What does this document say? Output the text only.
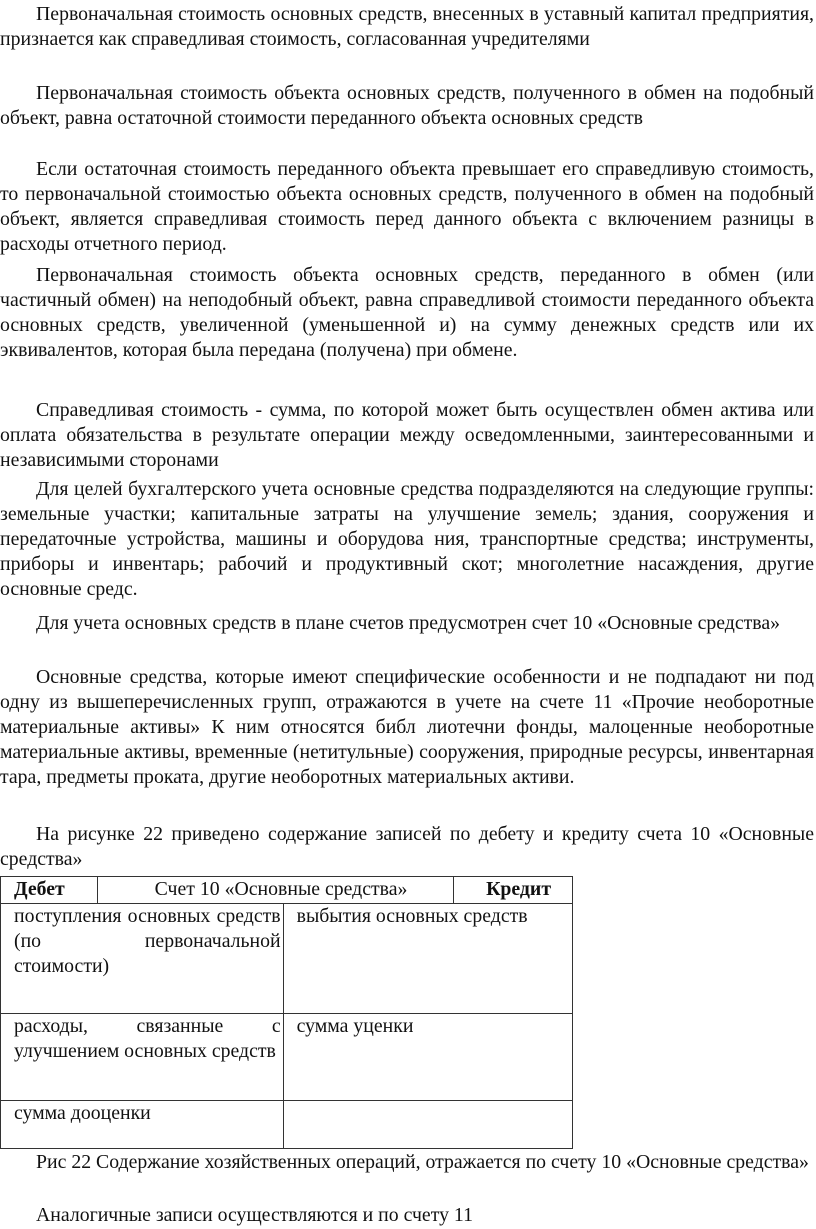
Первоначальная стоимость основных средств, внесенных в уставный капитал предприятия, признается как справедливая стоимость, согласованная учредителями

Первоначальная стоимость объекта основных средств, полученного в обмен на подобный объект, равна остаточной стоимости переданного объекта основных средств

Если остаточная стоимость переданного объекта превышает его справедливую стоимость, то первоначальной стоимостью объекта основных средств, полученного в обмен на подобный объект, является справедливая стоимость перед данного объекта с включением разницы в расходы отчетного период.

Первоначальная стоимость объекта основных средств, переданного в обмен (или частичный обмен) на неподобный объект, равна справедливой стоимости переданного объекта основных средств, увеличенной (уменьшенной и) на сумму денежных средств или их эквивалентов, которая была передана (получена) при обмене.

Справедливая стоимость - сумма, по которой может быть осуществлен обмен актива или оплата обязательства в результате операции между осведомленными, заинтересованными и независимыми сторонами

Для целей бухгалтерского учета основные средства подразделяются на следующие группы: земельные участки; капитальные затраты на улучшение земель; здания, сооружения и передаточные устройства, машины и оборудова ния, транспортные средства; инструменты, приборы и инвентарь; рабочий и продуктивный скот; многолетние насаждения, другие основные средс.

Для учета основных средств в плане счетов предусмотрен счет 10 «Основные средства»

Основные средства, которые имеют специфические особенности и не подпадают ни под одну из вышеперечисленных групп, отражаются в учете на счете 11 «Прочие необоротные материальные активы» К ним относятся библ лиотечни фонды, малоценные необоротные материальные активы, временные (нетитульные) сооружения, природные ресурсы, инвентарная тара, предметы проката, другие необоротных материальных активи.

На рисунке 22 приведено содержание записей по дебету и кредиту счета 10 «Основные средства»

Дебет	Счет 10 «Основные средства»		Кредит
поступления основных средств (по первоначальной стоимости)		выбытия основных средств	
расходы, связанные с улучшением основных средств		сумма уценки	
сумма дооценки			

Рис 22 Содержание хозяйственных операций, отражается по счету 10 «Основные средства»

Аналогичные записи осуществляются и по счету 11
